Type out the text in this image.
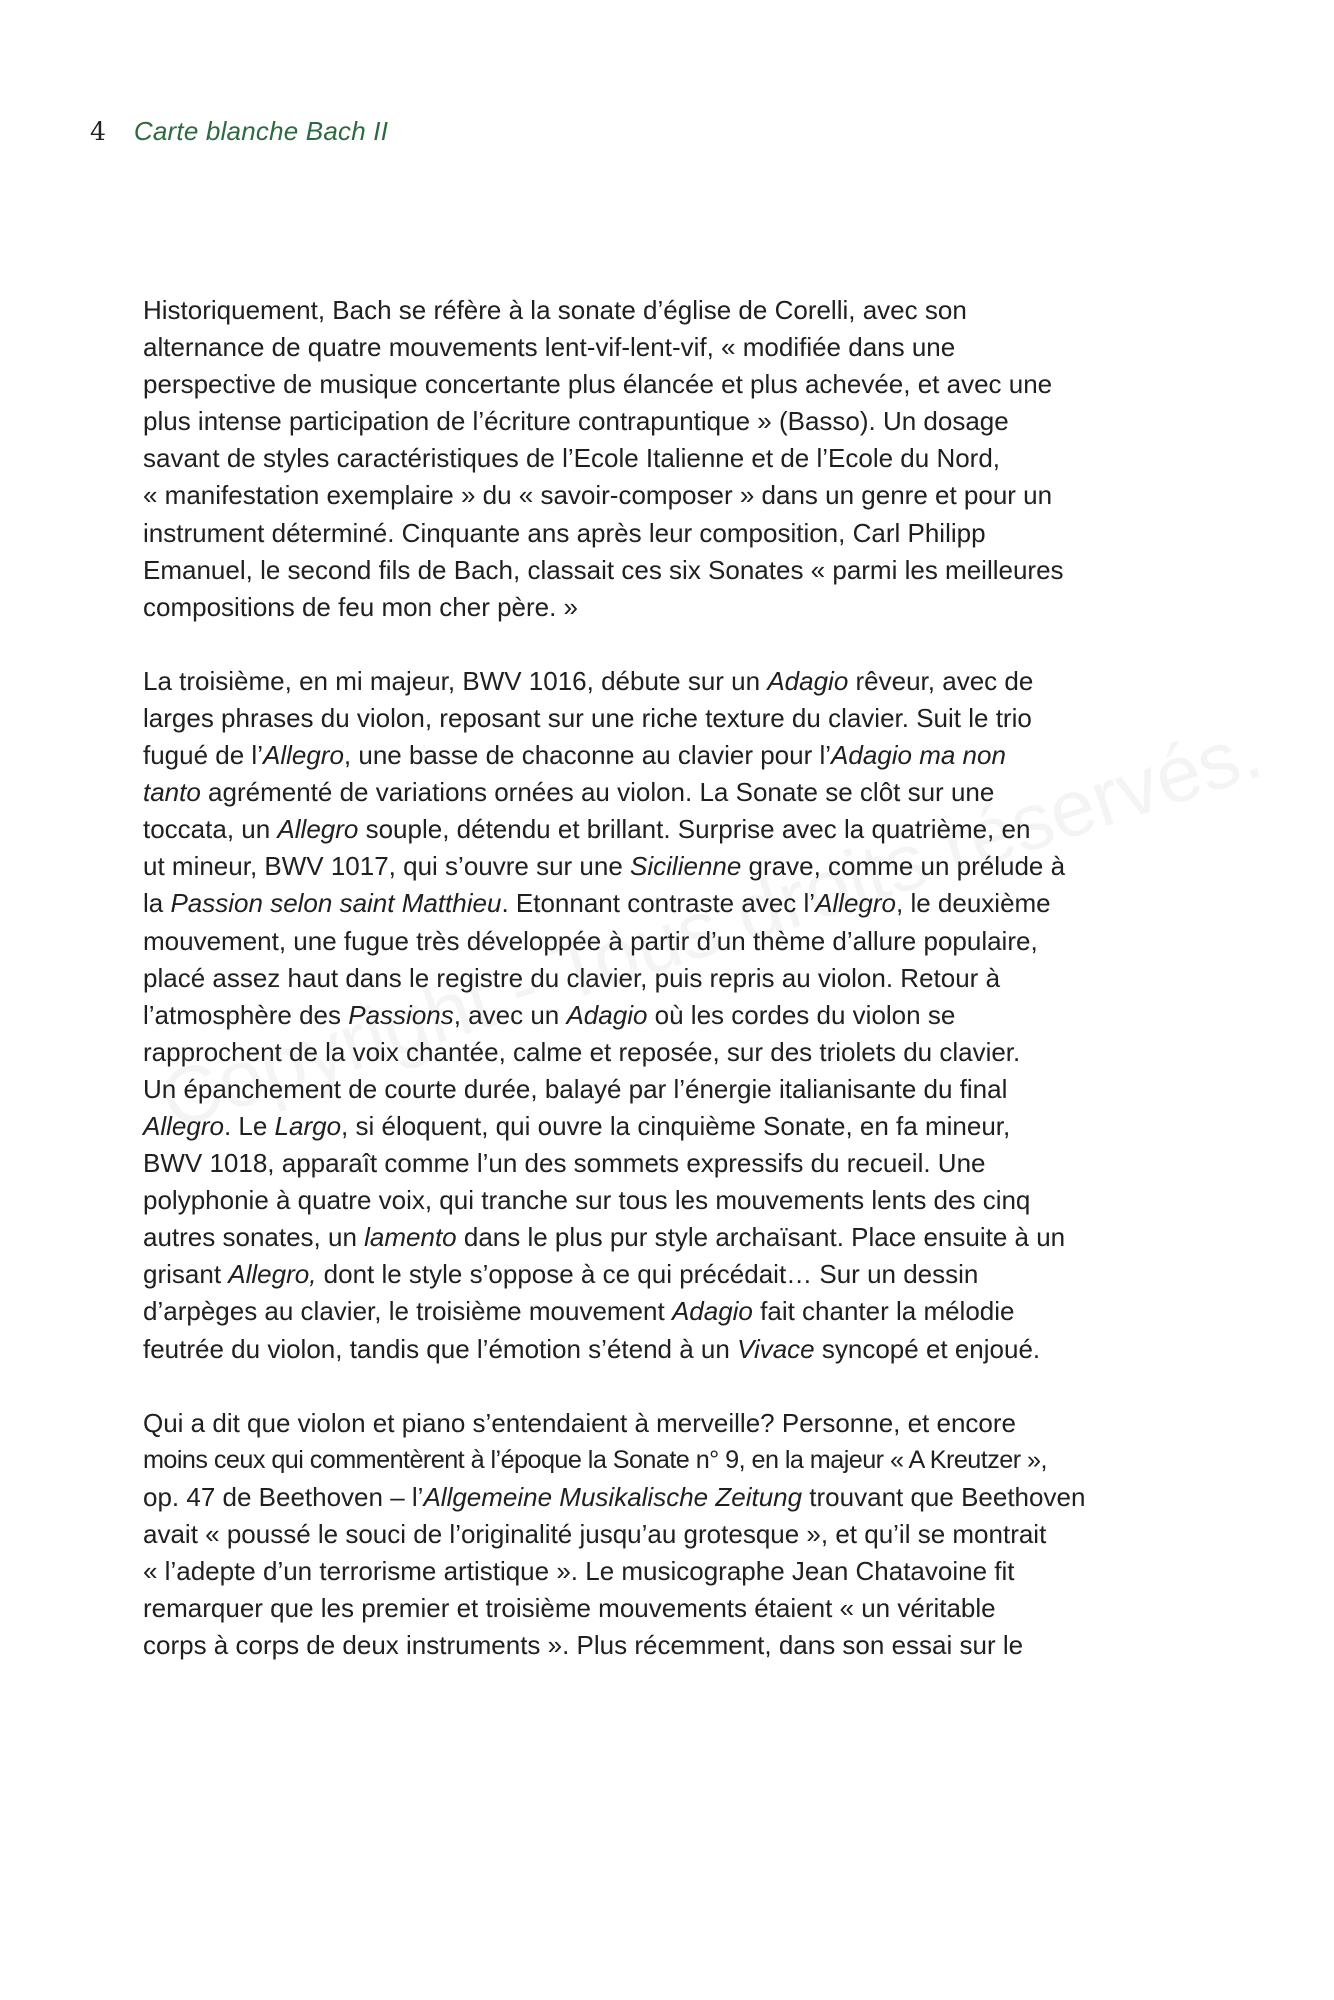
4 Carte blanche Bach II

Historiquement, Bach se réfère à la sonate d’église de Corelli, avec son
alternance de quatre mouvements lent-vif-lent-vif, « modifiée dans une
perspective de musique concertante plus élancée et plus achevée, et avec une
plus intense participation de l’écriture contrapuntique » (Basso). Un dosage
savant de styles caractéristiques de l’Ecole Italienne et de l’Ecole du Nord,
« manifestation exemplaire » du « savoir-composer » dans un genre et pour un
instrument déterminé. Cinquante ans après leur composition, Carl Philipp
Emanuel, le second fils de Bach, classait ces six Sonates « parmi les meilleures
compositions de feu mon cher père. »

La troisième, en mi majeur, BWV 1016, débute sur un Adagio rêveur, avec de
larges phrases du violon, reposant sur une riche texture du clavier. Suit le trio
fugué de l’Allegro, une basse de chaconne au clavier pour l’Adagio ma non
tanto agrémenté de variations ornées au violon. La Sonate se clôt sur une
toccata, un Allegro souple, détendu et brillant. Surprise avec la quatrième, en
ut mineur, BWV 1017, qui s’ouvre sur une Sicilienne grave, comme un prélude à
la Passion selon saint Matthieu. Etonnant contraste avec l’Allegro, le deuxième
mouvement, une fugue très développée à partir d’un thème d’allure populaire,
placé assez haut dans le registre du clavier, puis repris au violon. Retour à
l’atmosphère des Passions, avec un Adagio où les cordes du violon se
rapprochent de la voix chantée, calme et reposée, sur des triolets du clavier.
Un épanchement de courte durée, balayé par l’énergie italianisante du final
Allegro. Le Largo, si éloquent, qui ouvre la cinquième Sonate, en fa mineur,
BWV 1018, apparaît comme l’un des sommets expressifs du recueil. Une
polyphonie à quatre voix, qui tranche sur tous les mouvements lents des cinq
autres sonates, un lamento dans le plus pur style archaïsant. Place ensuite à un
grisant Allegro, dont le style s’oppose à ce qui précédait… Sur un dessin
d’arpèges au clavier, le troisième mouvement Adagio fait chanter la mélodie
feutrée du violon, tandis que l’émotion s’étend à un Vivace syncopé et enjoué.

Qui a dit que violon et piano s’entendaient à merveille? Personne, et encore
moins ceux qui commentèrent à l’époque la Sonate n° 9, en la majeur « A Kreutzer »,
op. 47 de Beethoven – l’Allgemeine Musikalische Zeitung trouvant que Beethoven
avait « poussé le souci de l’originalité jusqu’au grotesque », et qu’il se montrait
« l’adepte d’un terrorisme artistique ». Le musicographe Jean Chatavoine fit
remarquer que les premier et troisième mouvements étaient « un véritable
corps à corps de deux instruments ». Plus récemment, dans son essai sur le
